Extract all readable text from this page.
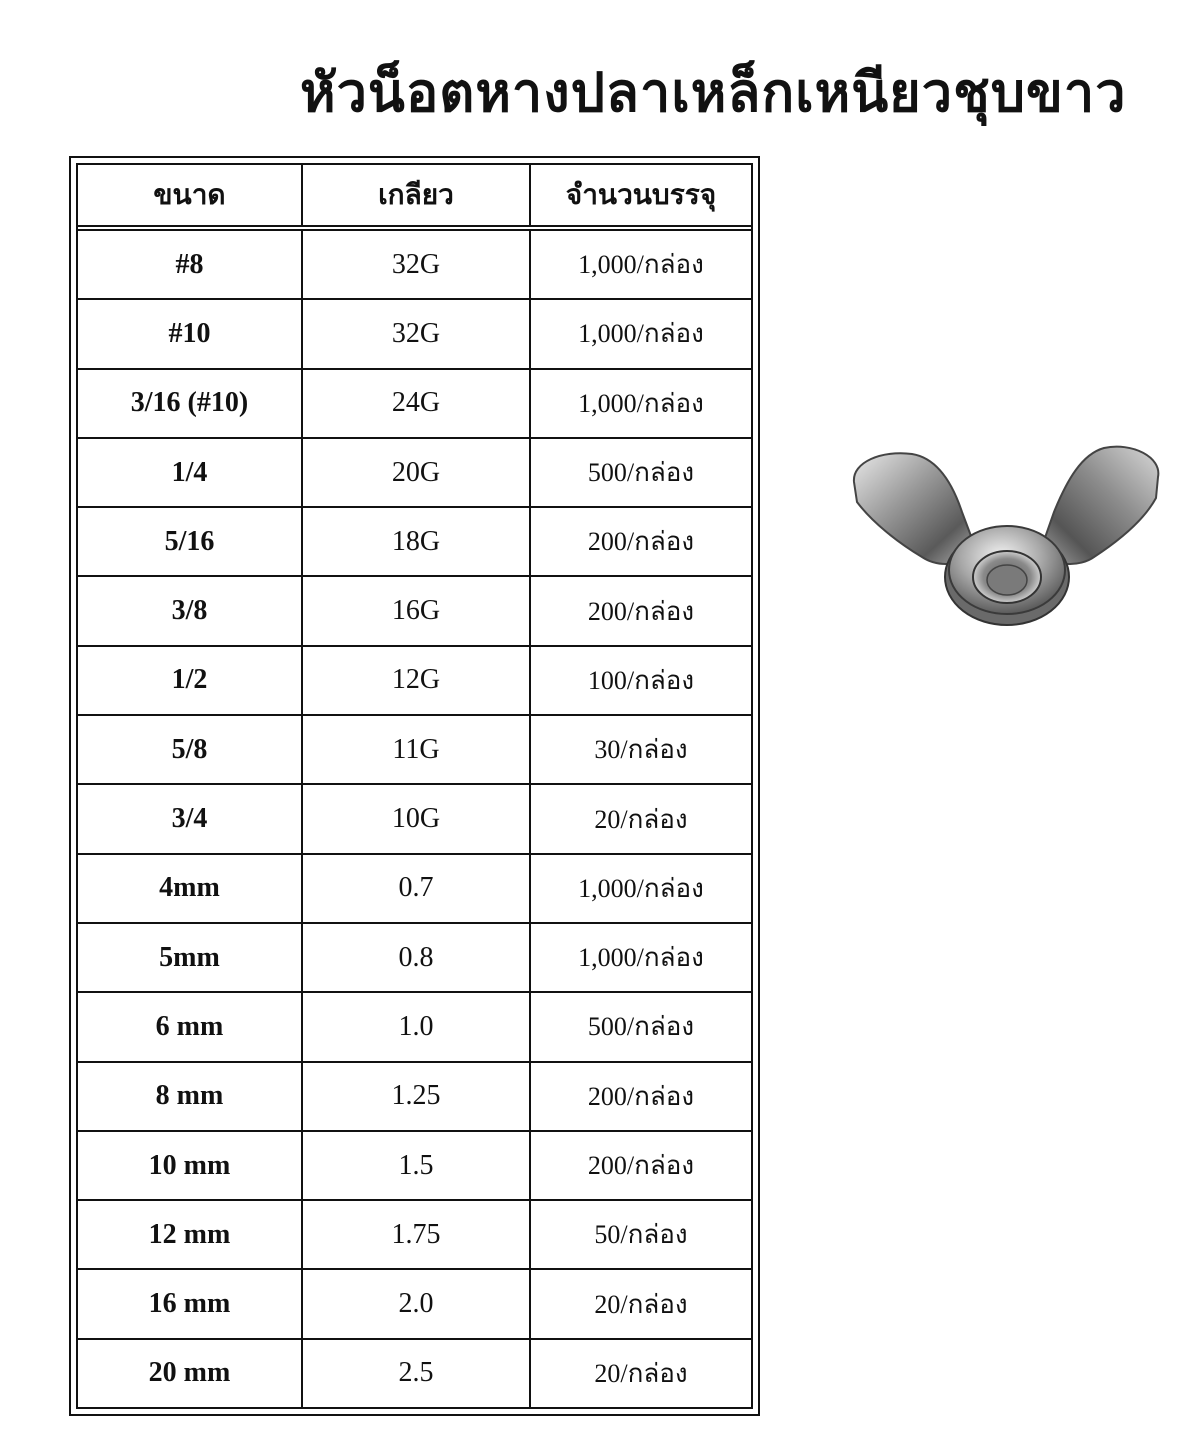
หัวน็อตหางปลาเหล็กเหนียวชุบขาว
ขนาด	เกลียว	จำนวนบรรจุ
#8	32G	1,000/กล่อง
#10	32G	1,000/กล่อง
3/16 (#10)	24G	1,000/กล่อง
1/4	20G	500/กล่อง
5/16	18G	200/กล่อง
3/8	16G	200/กล่อง
1/2	12G	100/กล่อง
5/8	11G	30/กล่อง
3/4	10G	20/กล่อง
4mm	0.7	1,000/กล่อง
5mm	0.8	1,000/กล่อง
6 mm	1.0	500/กล่อง
8 mm	1.25	200/กล่อง
10 mm	1.5	200/กล่อง
12 mm	1.75	50/กล่อง
16 mm	2.0	20/กล่อง
20 mm	2.5	20/กล่อง
